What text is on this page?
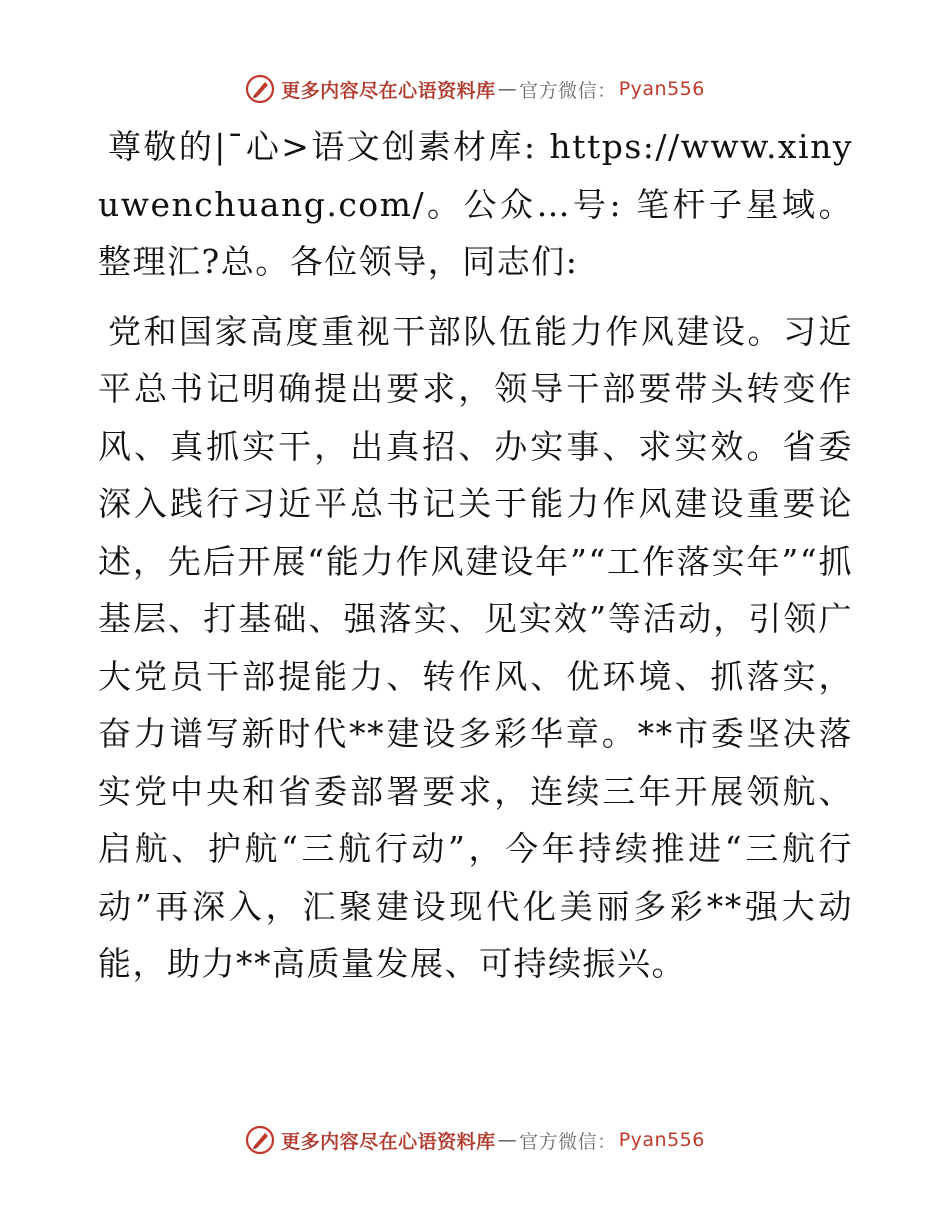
更多内容尽在心语资料库 — 官方微信： Pyan556

尊敬的|¯心>语文创素材库: https://www.xinyuwenchuang.com/。公众…号: 笔杆子星域。整理汇?总。各位领导，同志们:

党和国家高度重视干部队伍能力作风建设。习近平总书记明确提出要求，领导干部要带头转变作风、真抓实干，出真招、办实事、求实效。省委深入践行习近平总书记关于能力作风建设重要论述，先后开展“能力作风建设年”“工作落实年”“抓基层、打基础、强落实、见实效”等活动，引领广大党员干部提能力、转作风、优环境、抓落实，奋力谱写新时代**建设多彩华章。**市委坚决落实党中央和省委部署要求，连续三年开展领航、启航、护航“三航行动”，今年持续推进“三航行动”再深入，汇聚建设现代化美丽多彩**强大动能，助力**高质量发展、可持续振兴。

更多内容尽在心语资料库 — 官方微信： Pyan556
